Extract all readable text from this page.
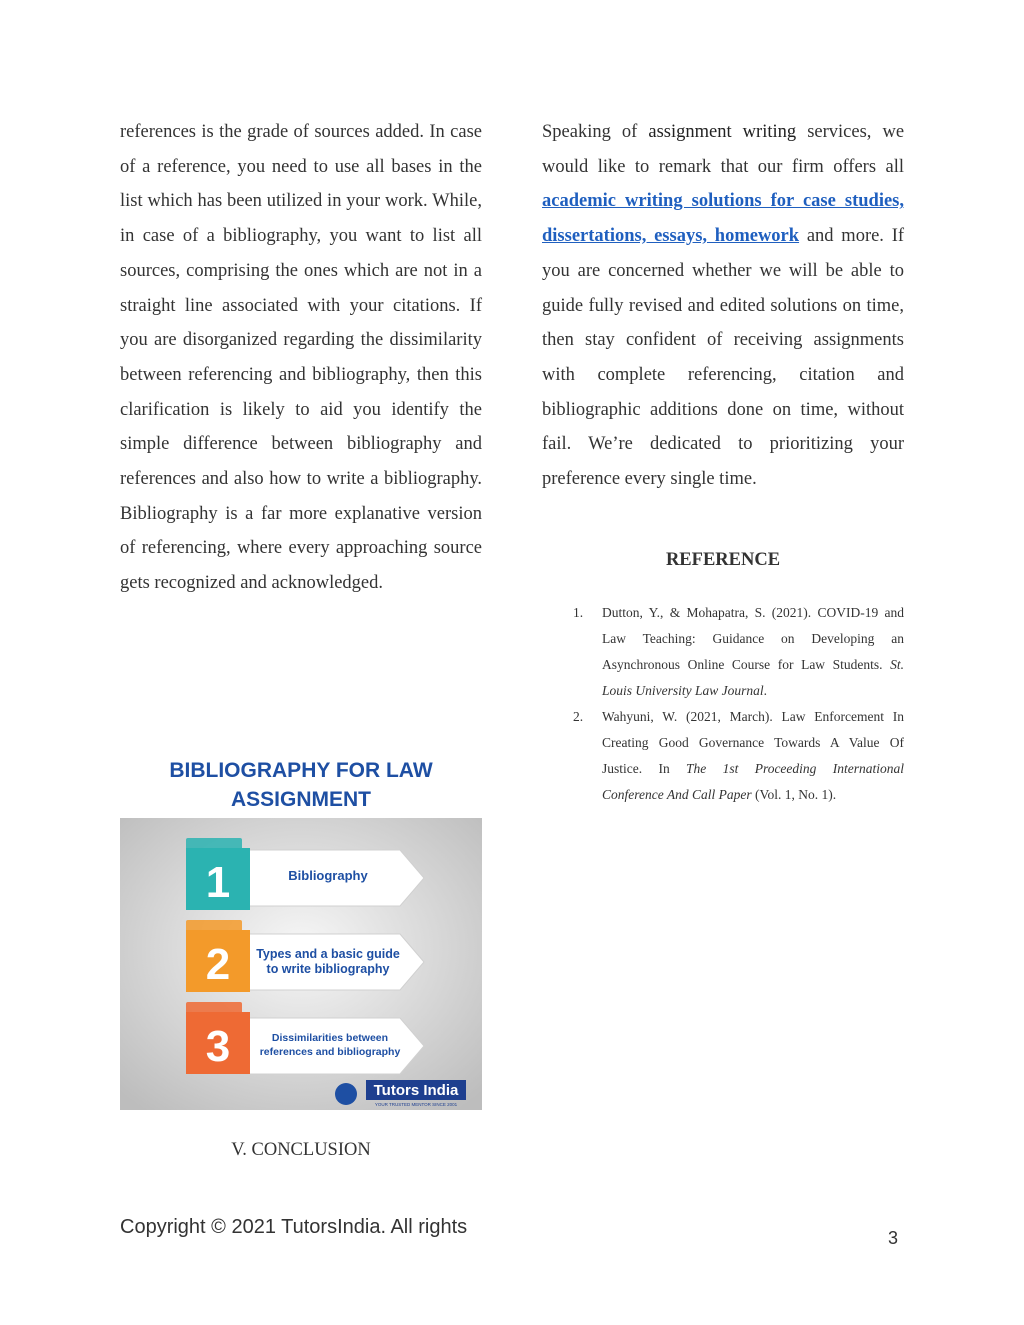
references is the grade of sources added. In case of a reference, you need to use all bases in the list which has been utilized in your work. While, in case of a bibliography, you want to list all sources, comprising the ones which are not in a straight line associated with your citations. If you are disorganized regarding the dissimilarity between referencing and bibliography, then this clarification is likely to aid you identify the simple difference between bibliography and references and also how to write a bibliography. Bibliography is a far more explanative version of referencing, where every approaching source gets recognized and acknowledged.

Speaking of assignment writing services, we would like to remark that our firm offers all academic writing solutions for case studies, dissertations, essays, homework and more. If you are concerned whether we will be able to guide fully revised and edited solutions on time, then stay confident of receiving assignments with complete referencing, citation and bibliographic additions done on time, without fail. We’re dedicated to prioritizing your preference every single time.

REFERENCE
1. Dutton, Y., & Mohapatra, S. (2021). COVID-19 and Law Teaching: Guidance on Developing an Asynchronous Online Course for Law Students. St. Louis University Law Journal.
2. Wahyuni, W. (2021, March). Law Enforcement In Creating Good Governance Towards A Value Of Justice. In The 1st Proceeding International Conference And Call Paper (Vol. 1, No. 1).
BIBLIOGRAPHY FOR LAW
ASSIGNMENT
1	Bibliography
2 Types and a basic guide
to write bibliography
3	Dissimilarities between
references and bibliography
Tutors India
YOUR TRUSTED MENTOR SINCE 2001
V. CONCLUSION
Copyright © 2021 TutorsIndia. All rights	3
